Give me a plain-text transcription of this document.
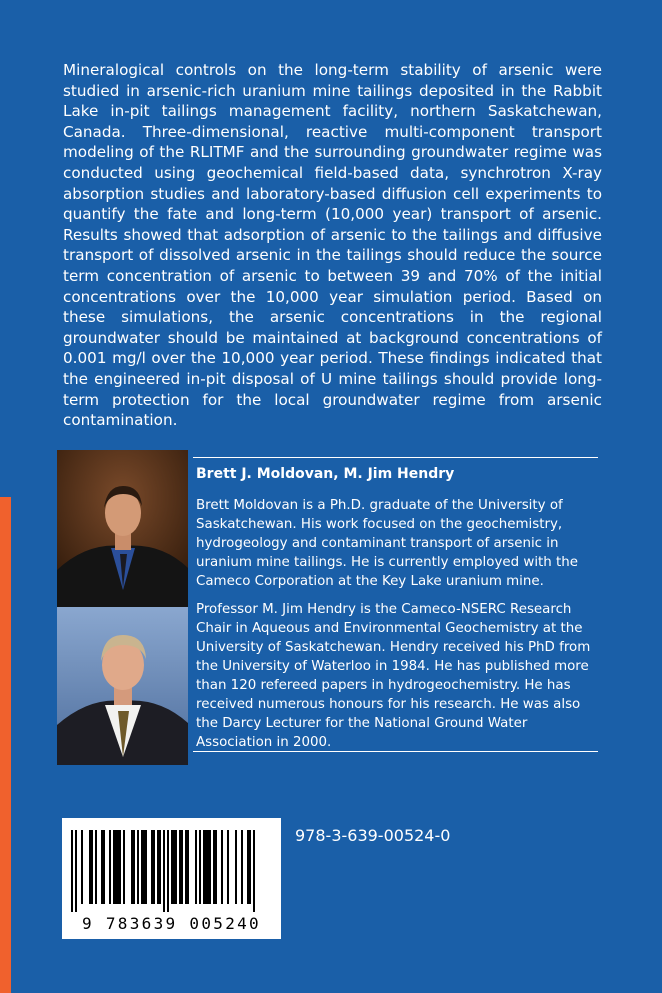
Mineralogical controls on the long-term stability of arsenic were studied in arsenic-rich uranium mine tailings deposited in the Rabbit Lake in-pit tailings management facility, northern Saskatchewan, Canada. Three-dimensional, reactive multi-component transport modeling of the RLITMF and the surrounding groundwater regime was conducted using geochemical field-based data, synchrotron X-ray absorption studies and laboratory-based diffusion cell experiments to quantify the fate and long-term (10,000 year) transport of arsenic. Results showed that adsorption of arsenic to the tailings and diffusive transport of dissolved arsenic in the tailings should reduce the source term concentration of arsenic to between 39 and 70% of the initial concentrations over the 10,000 year simulation period. Based on these simulations, the arsenic concentrations in the regional groundwater should be maintained at background concentrations of 0.001 mg/l over the 10,000 year period. These findings indicated that the engineered in-pit disposal of U mine tailings should provide long-term protection for the local groundwater regime from arsenic contamination.

Brett J. Moldovan, M. Jim Hendry

Brett Moldovan is a Ph.D. graduate of the University of Saskatchewan. His work focused on the geochemistry, hydrogeology and contaminant transport of arsenic in uranium mine tailings. He is currently employed with the Cameco Corporation at the Key Lake uranium mine.

Professor M. Jim Hendry is the Cameco-NSERC Research Chair in Aqueous and Environmental Geochemistry at the University of Saskatchewan. Hendry received his PhD from the University of Waterloo in 1984. He has published more than 120 refereed papers in hydrogeochemistry. He has received numerous honours for his research. He was also the Darcy Lecturer for the National Ground Water Association in 2000.

9 783639 005240

978-3-639-00524-0
